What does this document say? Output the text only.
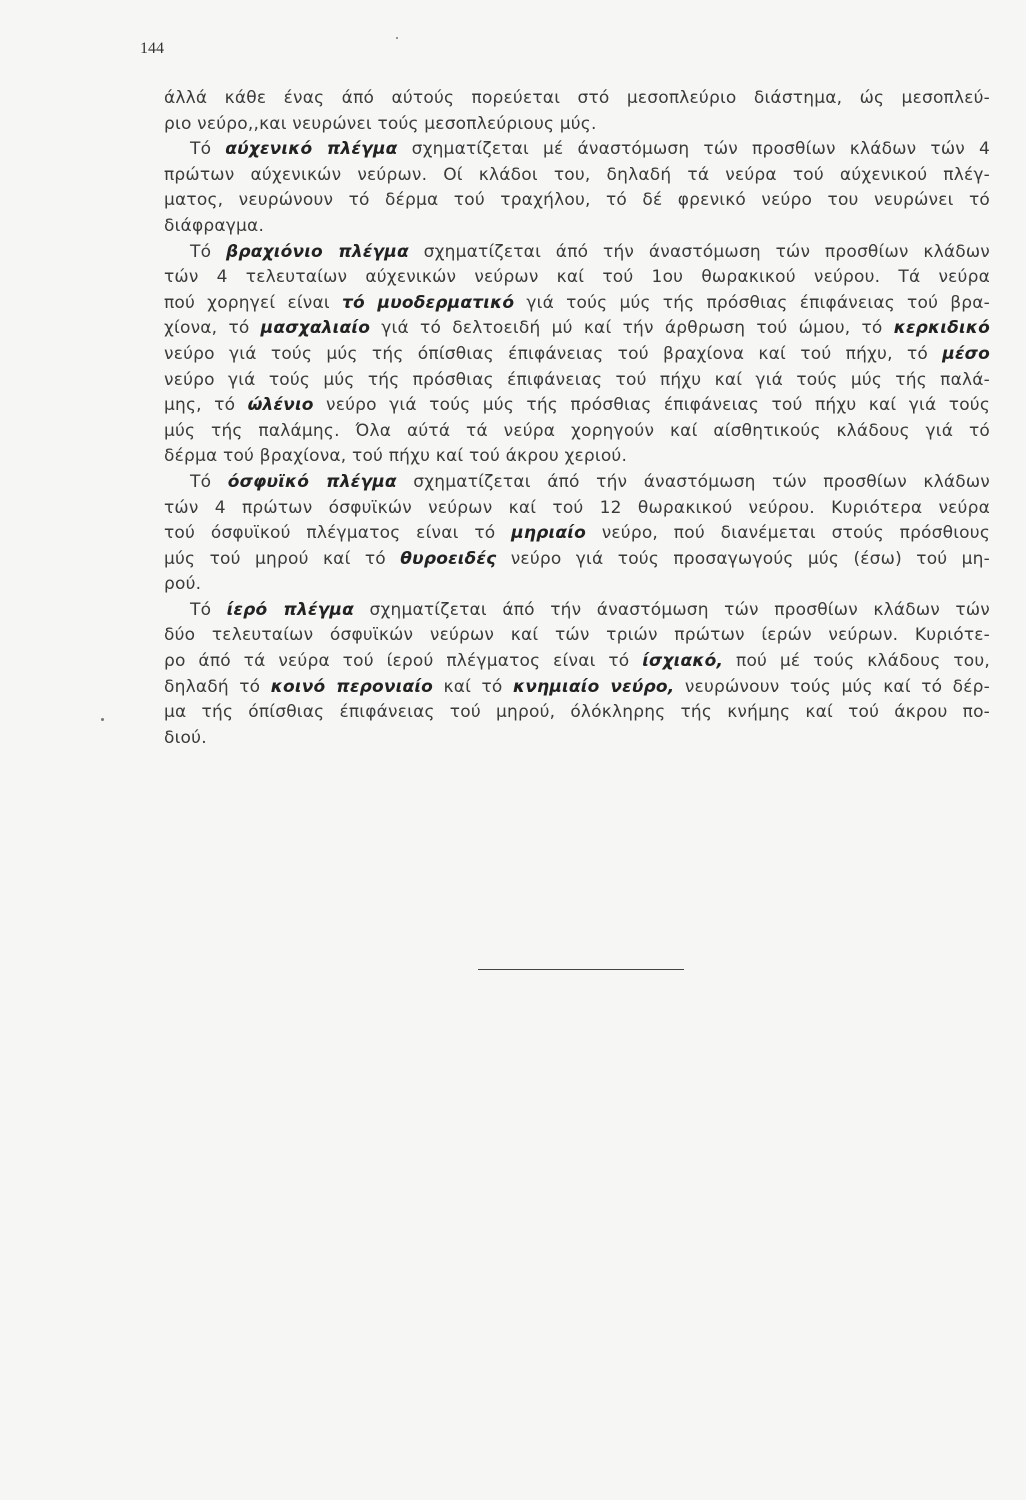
144
άλλά κάθε ένας άπό αύτούς πορεύεται στό μεσοπλεύριο διάστημα, ώς μεσοπλεύ-
ριο νεύρο,,και νευρώνει τούς μεσοπλεύριους μύς.
Τό αύχενικό πλέγμα σχηματίζεται μέ άναστόμωση τών προσθίων κλάδων τών 4
πρώτων αύχενικών νεύρων. Οί κλάδοι του, δηλαδή τά νεύρα τού αύχενικού πλέγ-
ματος, νευρώνουν τό δέρμα τού τραχήλου, τό δέ φρενικό νεύρο του νευρώνει τό
διάφραγμα.
Τό βραχιόνιο πλέγμα σχηματίζεται άπό τήν άναστόμωση τών προσθίων κλάδων
τών 4 τελευταίων αύχενικών νεύρων καί τού 1ου θωρακικού νεύρου. Τά νεύρα
πού χορηγεί είναι τό μυοδερματικό γιά τούς μύς τής πρόσθιας έπιφάνειας τού βρα-
χίονα, τό μασχαλιαίο γιά τό δελτοειδή μύ καί τήν άρθρωση τού ώμου, τό κερκιδικό
νεύρο γιά τούς μύς τής όπίσθιας έπιφάνειας τού βραχίονα καί τού πήχυ, τό μέσο
νεύρο γιά τούς μύς τής πρόσθιας έπιφάνειας τού πήχυ καί γιά τούς μύς τής παλά-
μης, τό ώλένιο νεύρο γιά τούς μύς τής πρόσθιας έπιφάνειας τού πήχυ καί γιά τούς
μύς τής παλάμης. Όλα αύτά τά νεύρα χορηγούν καί αίσθητικούς κλάδους γιά τό
δέρμα τού βραχίονα, τού πήχυ καί τού άκρου χεριού.
Τό όσφυϊκό πλέγμα σχηματίζεται άπό τήν άναστόμωση τών προσθίων κλάδων
τών 4 πρώτων όσφυϊκών νεύρων καί τού 12 θωρακικού νεύρου. Κυριότερα νεύρα
τού όσφυϊκού πλέγματος είναι τό μηριαίο νεύρο, πού διανέμεται στούς πρόσθιους
μύς τού μηρού καί τό θυροειδές νεύρο γιά τούς προσαγωγούς μύς (έσω) τού μη-
ρού.
Τό ίερό πλέγμα σχηματίζεται άπό τήν άναστόμωση τών προσθίων κλάδων τών
δύο τελευταίων όσφυϊκών νεύρων καί τών τριών πρώτων ίερών νεύρων. Κυριότε-
ρο άπό τά νεύρα τού ίερού πλέγματος είναι τό ίσχιακό, πού μέ τούς κλάδους του,
δηλαδή τό κοινό περονιαίο καί τό κνημιαίο νεύρο, νευρώνουν τούς μύς καί τό δέρ-
μα τής όπίσθιας έπιφάνειας τού μηρού, όλόκληρης τής κνήμης καί τού άκρου πο-
διού.
